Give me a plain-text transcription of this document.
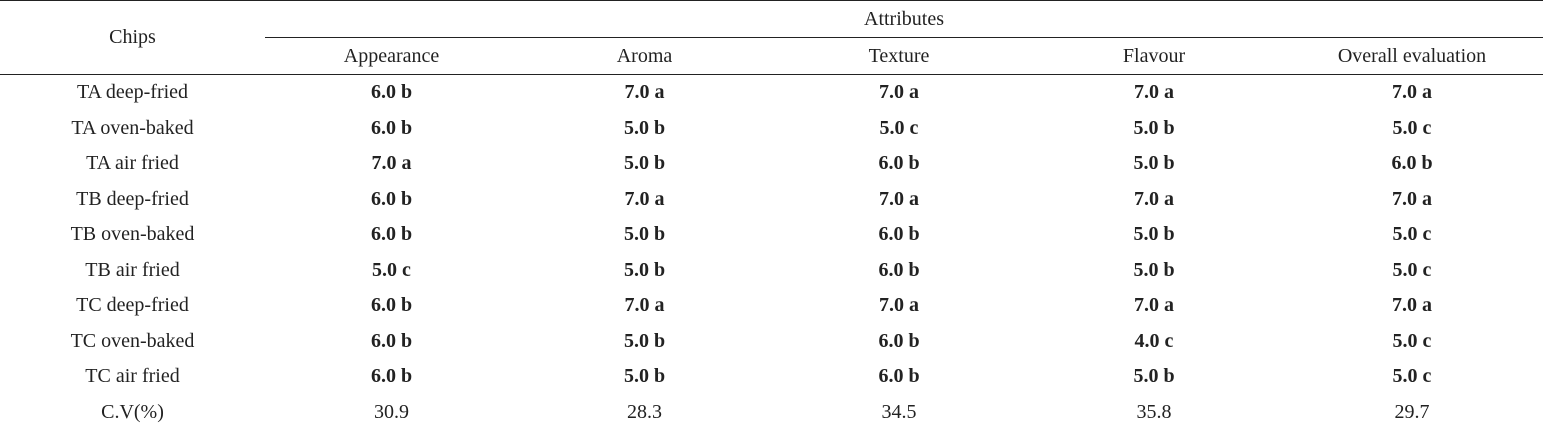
Chips	Attributes				
	Appearance	Aroma	Texture	Flavour	Overall evaluation
TA deep-fried	6.0 b	7.0 a	7.0 a	7.0 a	7.0 a
TA oven-baked	6.0 b	5.0 b	5.0 c	5.0 b	5.0 c
TA air fried	7.0 a	5.0 b	6.0 b	5.0 b	6.0 b
TB deep-fried	6.0 b	7.0 a	7.0 a	7.0 a	7.0 a
TB oven-baked	6.0 b	5.0 b	6.0 b	5.0 b	5.0 c
TB air fried	5.0 c	5.0 b	6.0 b	5.0 b	5.0 c
TC deep-fried	6.0 b	7.0 a	7.0 a	7.0 a	7.0 a
TC oven-baked	6.0 b	5.0 b	6.0 b	4.0 c	5.0 c
TC air fried	6.0 b	5.0 b	6.0 b	5.0 b	5.0 c
C.V(%)	30.9	28.3	34.5	35.8	29.7
